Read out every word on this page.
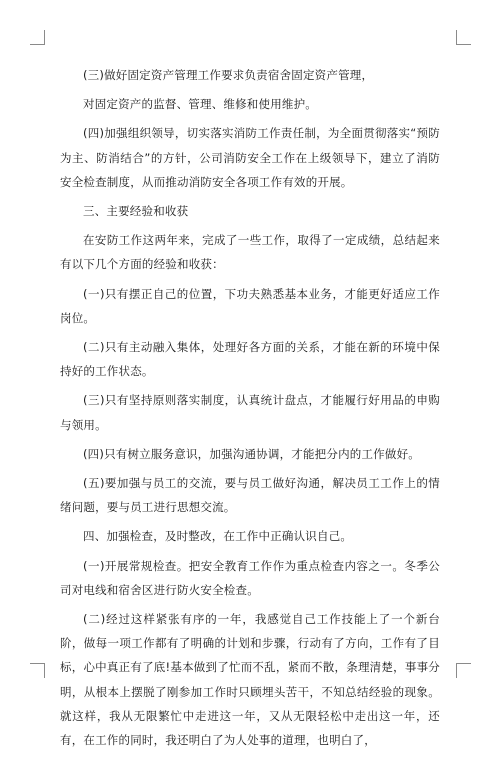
(三)做好固定资产管理工作要求负责宿舍固定资产管理，

对固定资产的监督、管理、维修和使用维护。

(四)加强组织领导，切实落实消防工作责任制，为全面贯彻落实“预防为主、防消结合”的方针，公司消防安全工作在上级领导下，建立了消防安全检查制度，从而推动消防安全各项工作有效的开展。

三、主要经验和收获

在安防工作这两年来，完成了一些工作，取得了一定成绩，总结起来有以下几个方面的经验和收获：

(一)只有摆正自己的位置，下功夫熟悉基本业务，才能更好适应工作岗位。

(二)只有主动融入集体，处理好各方面的关系，才能在新的环境中保持好的工作状态。

(三)只有坚持原则落实制度，认真统计盘点，才能履行好用品的申购与领用。

(四)只有树立服务意识，加强沟通协调，才能把分内的工作做好。

(五)要加强与员工的交流，要与员工做好沟通，解决员工工作上的情绪问题，要与员工进行思想交流。

四、加强检查，及时整改，在工作中正确认识自己。

(一)开展常规检查。把安全教育工作作为重点检查内容之一。冬季公司对电线和宿舍区进行防火安全检查。

(二)经过这样紧张有序的一年，我感觉自己工作技能上了一个新台阶，做每一项工作都有了明确的计划和步骤，行动有了方向，工作有了目标，心中真正有了底!基本做到了忙而不乱，紧而不散，条理清楚，事事分明，从根本上摆脱了刚参加工作时只顾埋头苦干，不知总结经验的现象。就这样，我从无限繁忙中走进这一年，又从无限轻松中走出这一年，还有，在工作的同时，我还明白了为人处事的道理，也明白了，
